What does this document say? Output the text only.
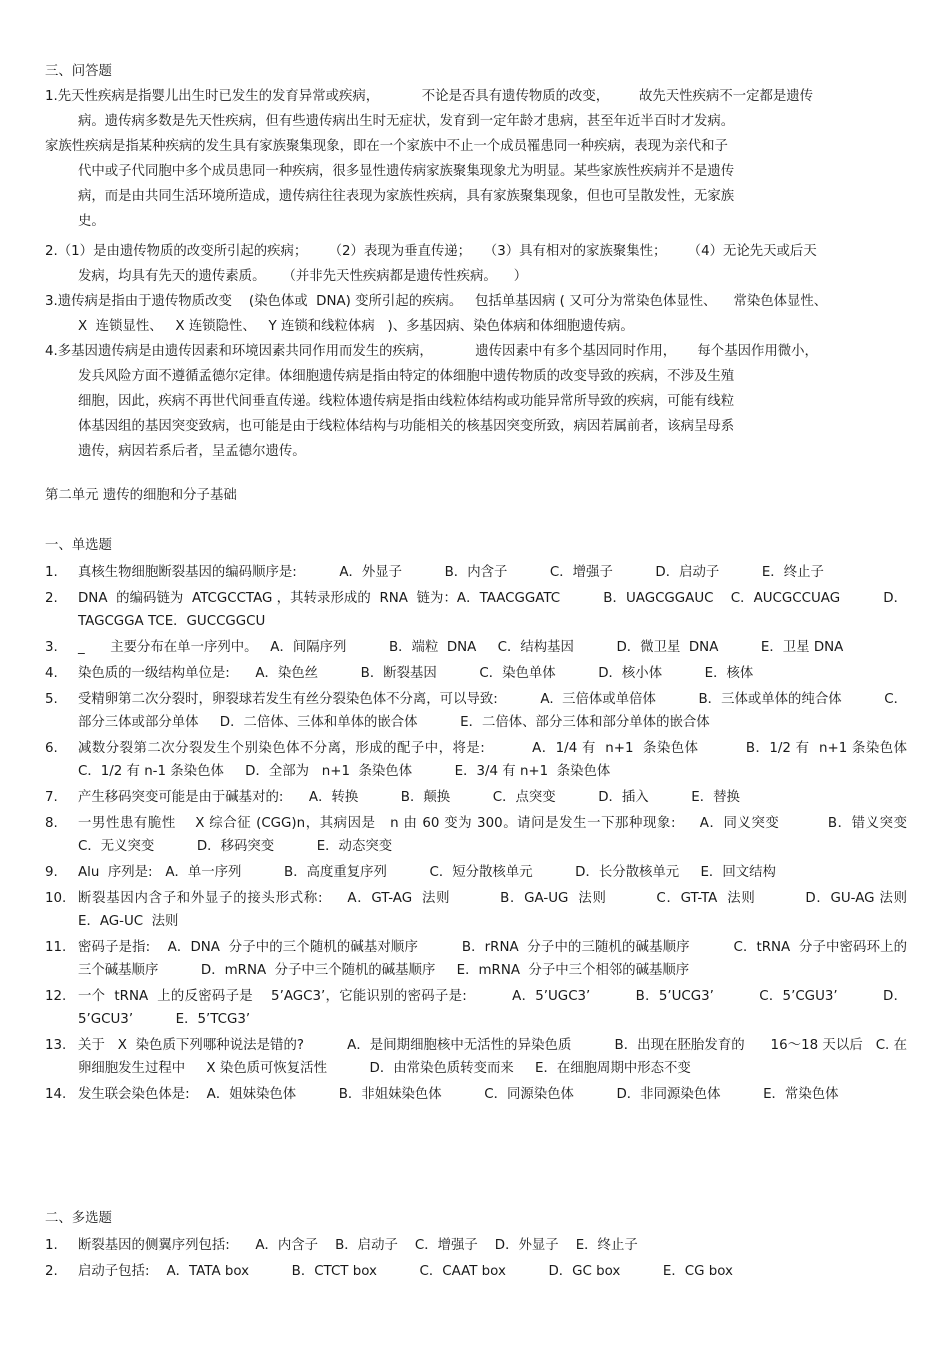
三、问答题
1.先天性疾病是指婴儿出生时已发生的发育异常或疾病，          不论是否具有遗传物质的改变，       故先天性疾病不一定都是遗传
病。遗传病多数是先天性疾病，但有些遗传病出生时无症状，发育到一定年龄才患病，甚至年近半百时才发病。
家族性疾病是指某种疾病的发生具有家族聚集现象，即在一个家族中不止一个成员罹患同一种疾病，表现为亲代和子
代中或子代同胞中多个成员患同一种疾病，很多显性遗传病家族聚集现象尤为明显。某些家族性疾病并不是遗传
病，而是由共同生活环境所造成，遗传病往往表现为家族性疾病，具有家族聚集现象，但也可呈散发性，无家族
史。
2.（1）是由遗传物质的改变所引起的疾病；     （2）表现为垂直传递；   （3）具有相对的家族聚集性；     （4）无论先天或后天
发病，均具有先天的遗传素质。    （并非先天性疾病都是遗传性疾病。    ）
3.遗传病是指由于遗传物质改变    (染色体或  DNA) 变所引起的疾病。   包括单基因病 ( 又可分为常染色体显性、    常染色体显性、
X  连锁显性、   X 连锁隐性、   Y 连锁和线粒体病   )、多基因病、染色体病和体细胞遗传病。
4.多基因遗传病是由遗传因素和环境因素共同作用而发生的疾病，          遗传因素中有多个基因同时作用，     每个基因作用微小，
发兵风险方面不遵循孟德尔定律。体细胞遗传病是指由特定的体细胞中遗传物质的改变导致的疾病，不涉及生殖
细胞，因此，疾病不再世代间垂直传递。线粒体遗传病是指由线粒体结构或功能异常所导致的疾病，可能有线粒
体基因组的基因突变致病，也可能是由于线粒体结构与功能相关的核基因突变所致，病因若属前者，该病呈母系
遗传，病因若系后者，呈孟德尔遗传。
第二单元 遗传的细胞和分子基础
一、单选题
1. 真核生物细胞断裂基因的编码顺序是:          A．外显子          B．内含子          C．增强子          D．启动子          E．终止子
2. DNA  的编码链为  ATCGCCTAG ，其转录形成的  RNA  链为：A．TAACGGATC          B．UAGCGGAUC    C．AUCGCCUAG          D．TAGCGGA TCE．GUCCGGCU
3. _      主要分布在单一序列中。   A．间隔序列          B．端粒  DNA     C．结构基因          D．微卫星  DNA          E．卫星 DNA
4. 染色质的一级结构单位是:      A．染色丝          B．断裂基因          C．染色单体          D．核小体          E．核体
5. 受精卵第二次分裂时，卵裂球若发生有丝分裂染色体不分离，可以导致:          A.  三倍体或单倍体          B．三体或单体的纯合体          C．部分三体或部分单体     D．二倍体、三体和单体的嵌合体          E．二倍体、部分三体和部分单体的嵌合体
6. 减数分裂第二次分裂发生个别染色体不分离，形成的配子中，将是:          A．1/4 有  n+1  条染色体          B．1/2 有  n+1 条染色体          C．1/2 有 n-1 条染色体     D．全部为   n+1  条染色体          E．3/4 有 n+1  条染色体
7. 产生移码突变可能是由于碱基对的:      A．转换          B．颠换          C．点突变          D．插入          E．替换
8. 一男性患有脆性    X 综合征 (CGG)n，其病因是   n 由 60 变为 300。请问是发生一下那种现象:     A．同义突变          B．错义突变          C．无义突变          D．移码突变          E．动态突变
9. Alu  序列是:   A．单一序列          B．高度重复序列          C．短分散核单元          D．长分散核单元     E．回文结构
10. 断裂基因内含子和外显子的接头形式称:     A．GT-AG  法则          B．GA-UG  法则          C．GT-TA  法则          D．GU-AG 法则          E．AG-UC  法则
11. 密码子是指:    A．DNA  分子中的三个随机的碱基对顺序          B．rRNA  分子中的三随机的碱基顺序          C．tRNA  分子中密码环上的三个碱基顺序          D．mRNA  分子中三个随机的碱基顺序     E．mRNA  分子中三个相邻的碱基顺序
12. 一个  tRNA  上的反密码子是    5’AGC3’，它能识别的密码子是:          A．5’UGC3’          B．5’UCG3’          C．5’CGU3’          D．5’GCU3’          E．5’TCG3’
13. 关于   X  染色质下列哪种说法是错的?          A．是间期细胞核中无活性的异染色质          B．出现在胚胎发育的      16～18 天以后   C. 在卵细胞发生过程中     X 染色质可恢复活性          D．由常染色质转变而来     E．在细胞周期中形态不变
14. 发生联会染色体是:    A．姐妹染色体          B．非姐妹染色体          C．同源染色体          D．非同源染色体          E．常染色体
二、多选题
1. 断裂基因的侧翼序列包括:      A．内含子    B．启动子    C．增强子    D．外显子    E．终止子
2. 启动子包括:    A．TATA box          B．CTCT box          C．CAAT box          D．GC box          E．CG box
